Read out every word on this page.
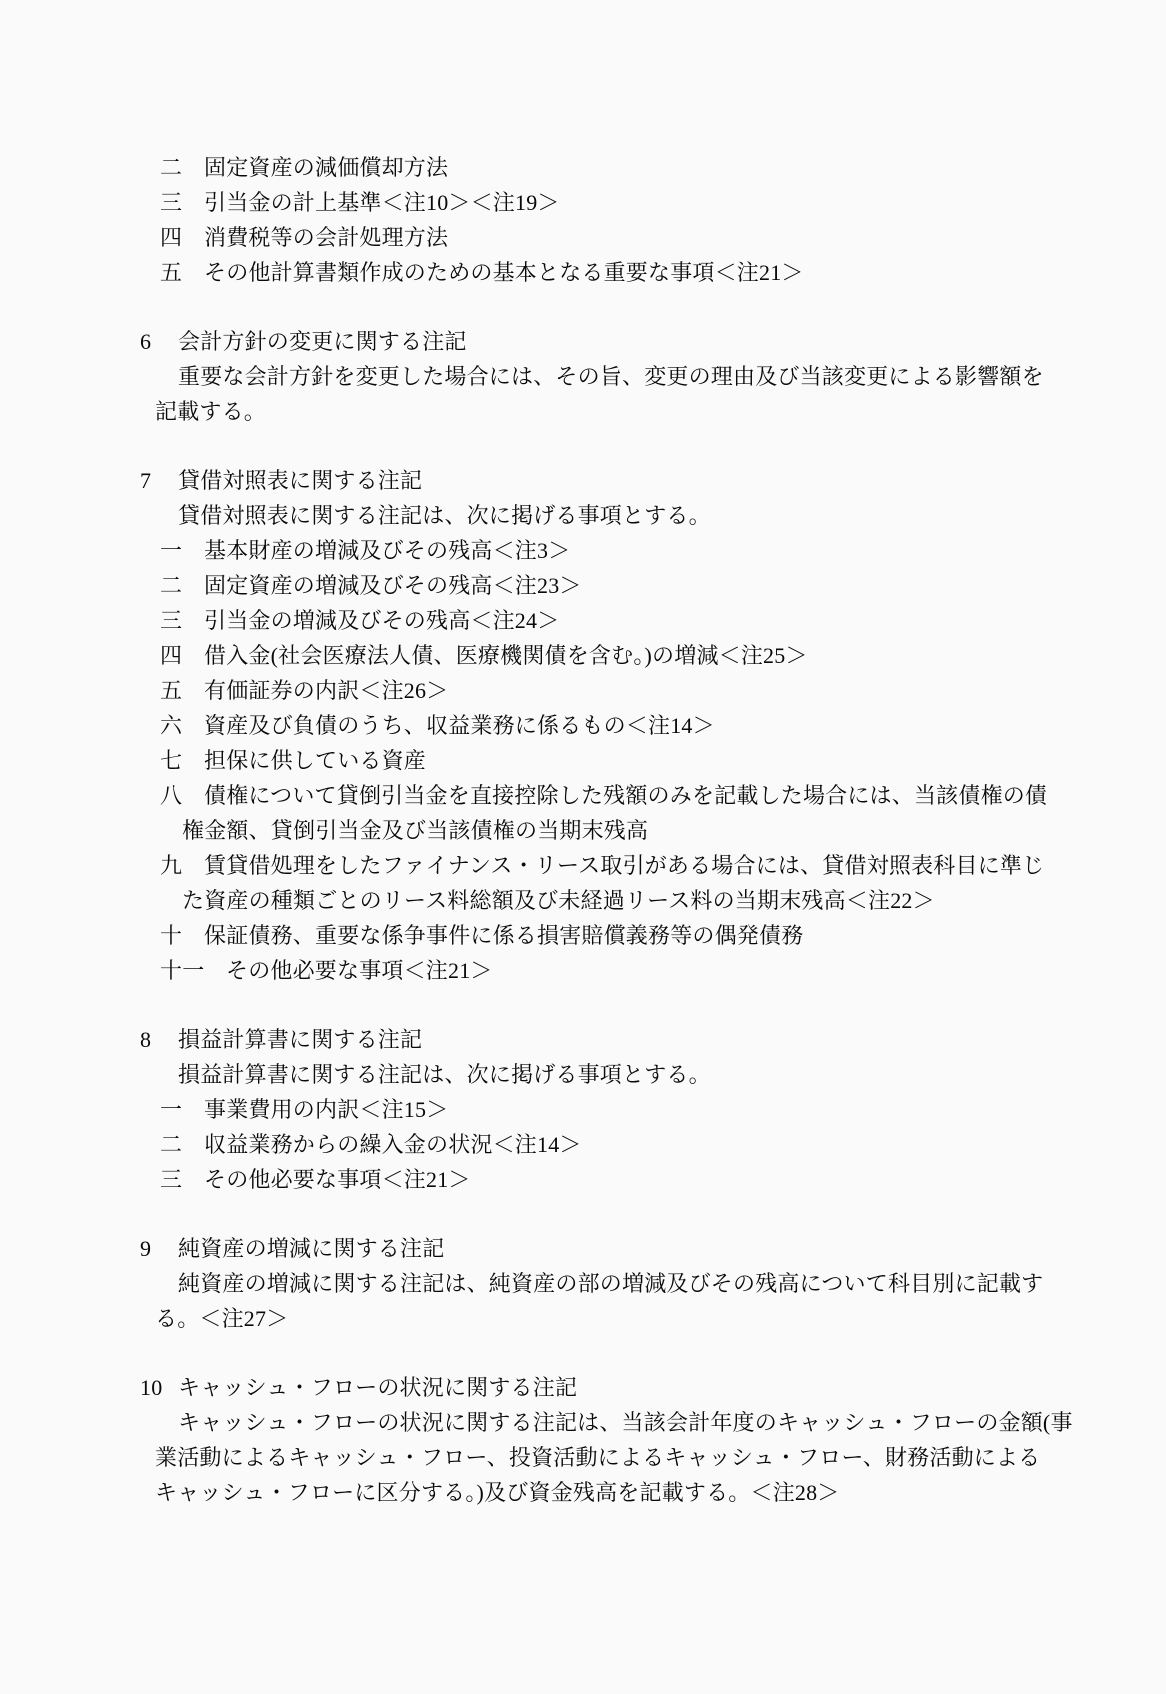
二 固定資産の減価償却方法
三 引当金の計上基準＜注10＞＜注19＞
四 消費税等の会計処理方法
五 その他計算書類作成のための基本となる重要な事項＜注21＞
6 会計方針の変更に関する注記
重要な会計方針を変更した場合には、その旨、変更の理由及び当該変更による影響額を
記載する。
7 貸借対照表に関する注記
貸借対照表に関する注記は、次に掲げる事項とする。
一 基本財産の増減及びその残高＜注3＞
二 固定資産の増減及びその残高＜注23＞
三 引当金の増減及びその残高＜注24＞
四 借入金(社会医療法人債、医療機関債を含む。)の増減＜注25＞
五 有価証券の内訳＜注26＞
六 資産及び負債のうち、収益業務に係るもの＜注14＞
七 担保に供している資産
八 債権について貸倒引当金を直接控除した残額のみを記載した場合には、当該債権の債
権金額、貸倒引当金及び当該債権の当期末残高
九 賃貸借処理をしたファイナンス・リース取引がある場合には、貸借対照表科目に準じ
た資産の種類ごとのリース料総額及び未経過リース料の当期末残高＜注22＞
十 保証債務、重要な係争事件に係る損害賠償義務等の偶発債務
十一 その他必要な事項＜注21＞
8 損益計算書に関する注記
損益計算書に関する注記は、次に掲げる事項とする。
一 事業費用の内訳＜注15＞
二 収益業務からの繰入金の状況＜注14＞
三 その他必要な事項＜注21＞
9 純資産の増減に関する注記
純資産の増減に関する注記は、純資産の部の増減及びその残高について科目別に記載す
る。＜注27＞
10 キャッシュ・フローの状況に関する注記
キャッシュ・フローの状況に関する注記は、当該会計年度のキャッシュ・フローの金額(事
業活動によるキャッシュ・フロー、投資活動によるキャッシュ・フロー、財務活動による
キャッシュ・フローに区分する。)及び資金残高を記載する。＜注28＞
